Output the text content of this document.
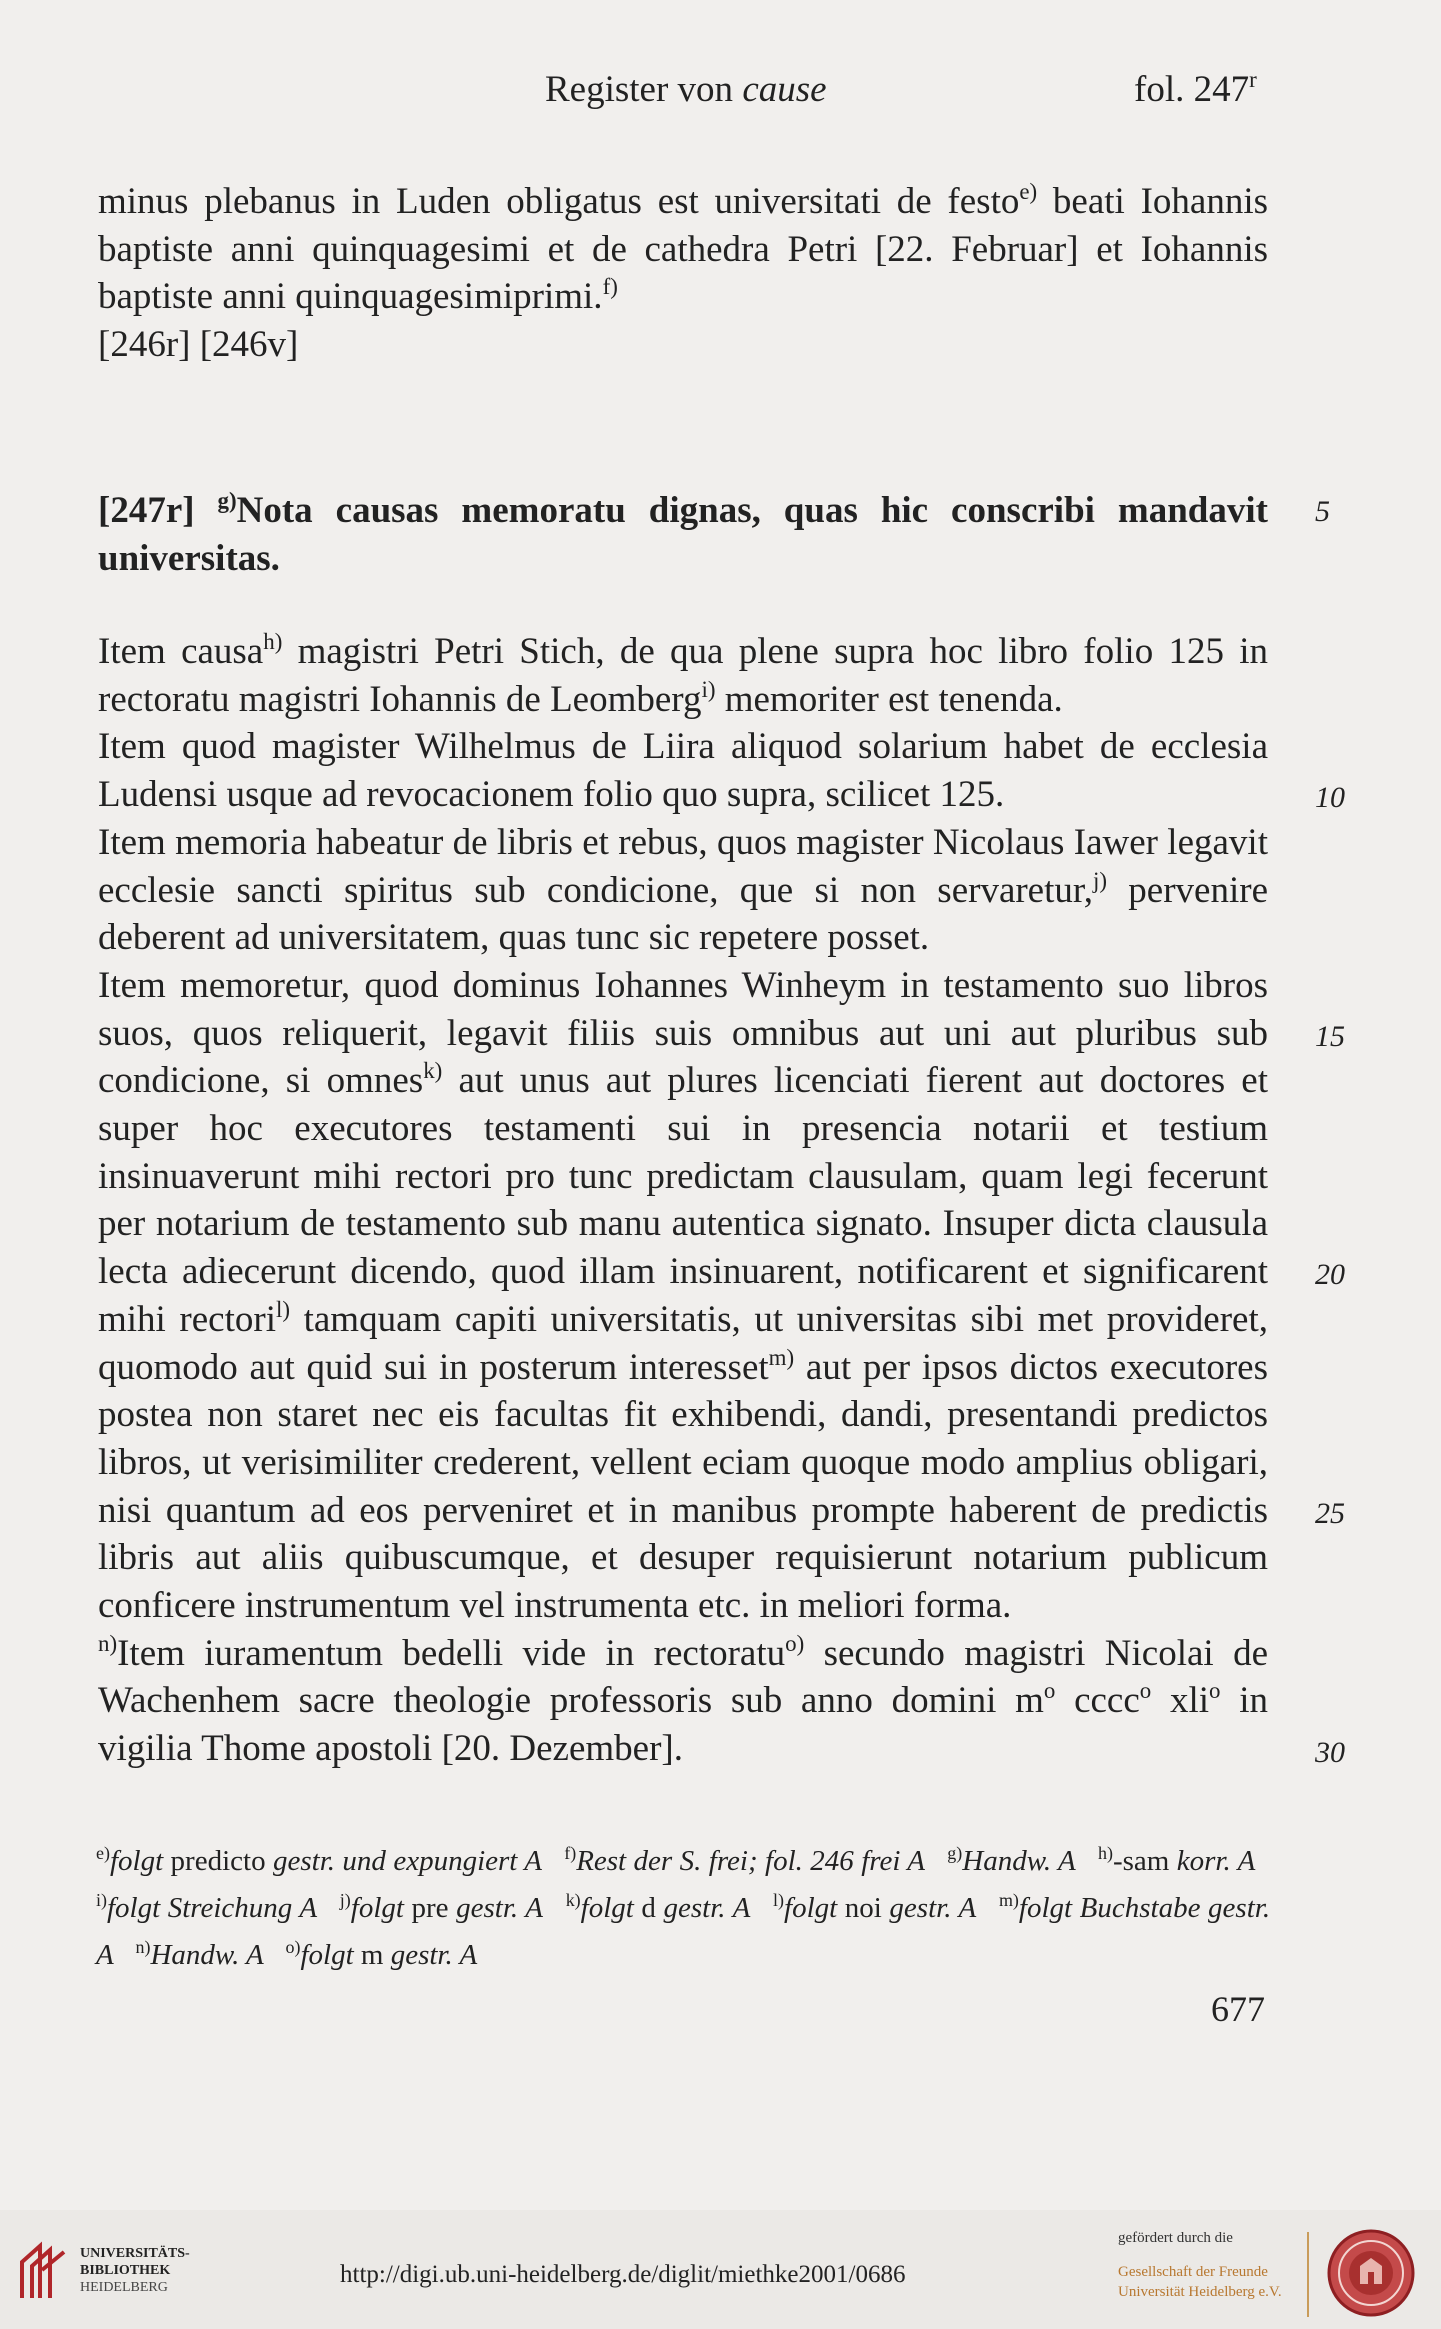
Register von cause	fol. 247$^r$

minus plebanus in Luden obligatus est universitati de festo$^{e)}$ beati Iohannis baptiste anni quinquagesimi et de cathedra Petri [22. Februar] et Iohannis baptiste anni quinquagesimiprimi.$^{f)}$

[246r] [246v]

[247r] $^{g)}$Nota causas memoratu dignas, quas hic conscribi mandavit universitas.

Item causa$^{h)}$ magistri Petri Stich, de qua plene supra hoc libro folio 125 in rectoratu magistri Iohannis de Leomberg$^{i)}$ memoriter est tenenda.

Item quod magister Wilhelmus de Liira aliquod solarium habet de ecclesia Ludensi usque ad revocacionem folio quo supra, scilicet 125.

Item memoria habeatur de libris et rebus, quos magister Nicolaus Iawer legavit ecclesie sancti spiritus sub condicione, que si non servaretur,$^{j)}$ pervenire deberent ad universitatem, quas tunc sic repetere posset.

Item memoretur, quod dominus Iohannes Winheym in testamento suo libros suos, quos reliquerit, legavit filiis suis omnibus aut uni aut pluribus sub condicione, si omnes$^{k)}$ aut unus aut plures licenciati fierent aut doctores et super hoc executores testamenti sui in presencia notarii et testium insinuaverunt mihi rectori pro tunc predictam clausulam, quam legi fecerunt per notarium de testamento sub manu autentica signato. Insuper dicta clausula lecta adiecerunt dicendo, quod illam insinuarent, notificarent et significarent mihi rectori$^{l)}$ tamquam capiti universitatis, ut universitas sibi met provideret, quomodo aut quid sui in posterum interesset$^{m)}$ aut per ipsos dictos executores postea non staret nec eis facultas fit exhibendi, dandi, presentandi predictos libros, ut verisimiliter crederent, vellent eciam quoque modo amplius obligari, nisi quantum ad eos perveniret et in manibus prompte haberent de predictis libris aut aliis quibuscumque, et desuper requisierunt notarium publicum conficere instrumentum vel instrumenta etc. in meliori forma.

$^{n)}$Item iuramentum bedelli vide in rectoratu$^{o)}$ secundo magistri Nicolai de Wachenhem sacre theologie professoris sub anno domini $m^o$ cccc$^o$ xli$^o$ in vigilia Thome apostoli [20. Dezember].

5
10
15
20
25
30

$^{e)}$folgt predicto gestr. und expungiert A $^{f)}$Rest der S. frei; fol. 246 frei A $^{g)}$Handw. A $^{h)}$-sam korr. A   $^{i)}$folgt Streichung A $^{j)}$folgt pre gestr. A $^{k)}$folgt d gestr. A $^{l)}$folgt noi gestr. A $^{m)}$folgt Buchstabe gestr. A $^{n)}$Handw. A $^{o)}$folgt m gestr. A

677
UNIVERSITÄTS-
BIBLIOTHEK
HEIDELBERG	http://digi.ub.uni-heidelberg.de/diglit/miethke2001/0686
gefördert durch die
Gesellschaft der Freunde
Universität Heidelberg e.V.
